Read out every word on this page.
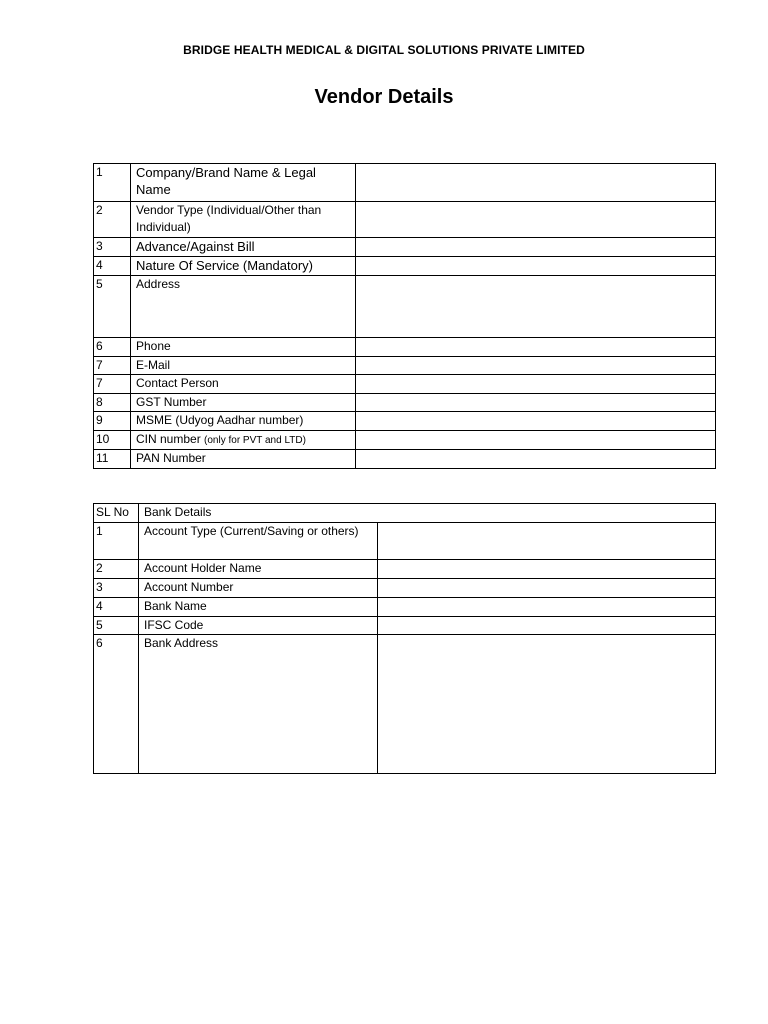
BRIDGE HEALTH MEDICAL & DIGITAL SOLUTIONS PRIVATE LIMITED
Vendor Details
1	Company/Brand Name & Legal Name	
2	Vendor Type (Individual/Other than Individual)	
3	Advance/Against Bill	
4	Nature Of Service (Mandatory)	
5	Address	
6	Phone	
7	E-Mail	
7	Contact Person	
8	GST Number	
9	MSME (Udyog Aadhar number)	
10	CIN number (only for PVT and LTD)	
11	PAN Number	
SL No	Bank Details	
1	Account Type (Current/Saving or others)	
2	Account Holder Name	
3	Account Number	
4	Bank Name	
5	IFSC Code	
6	Bank Address	
